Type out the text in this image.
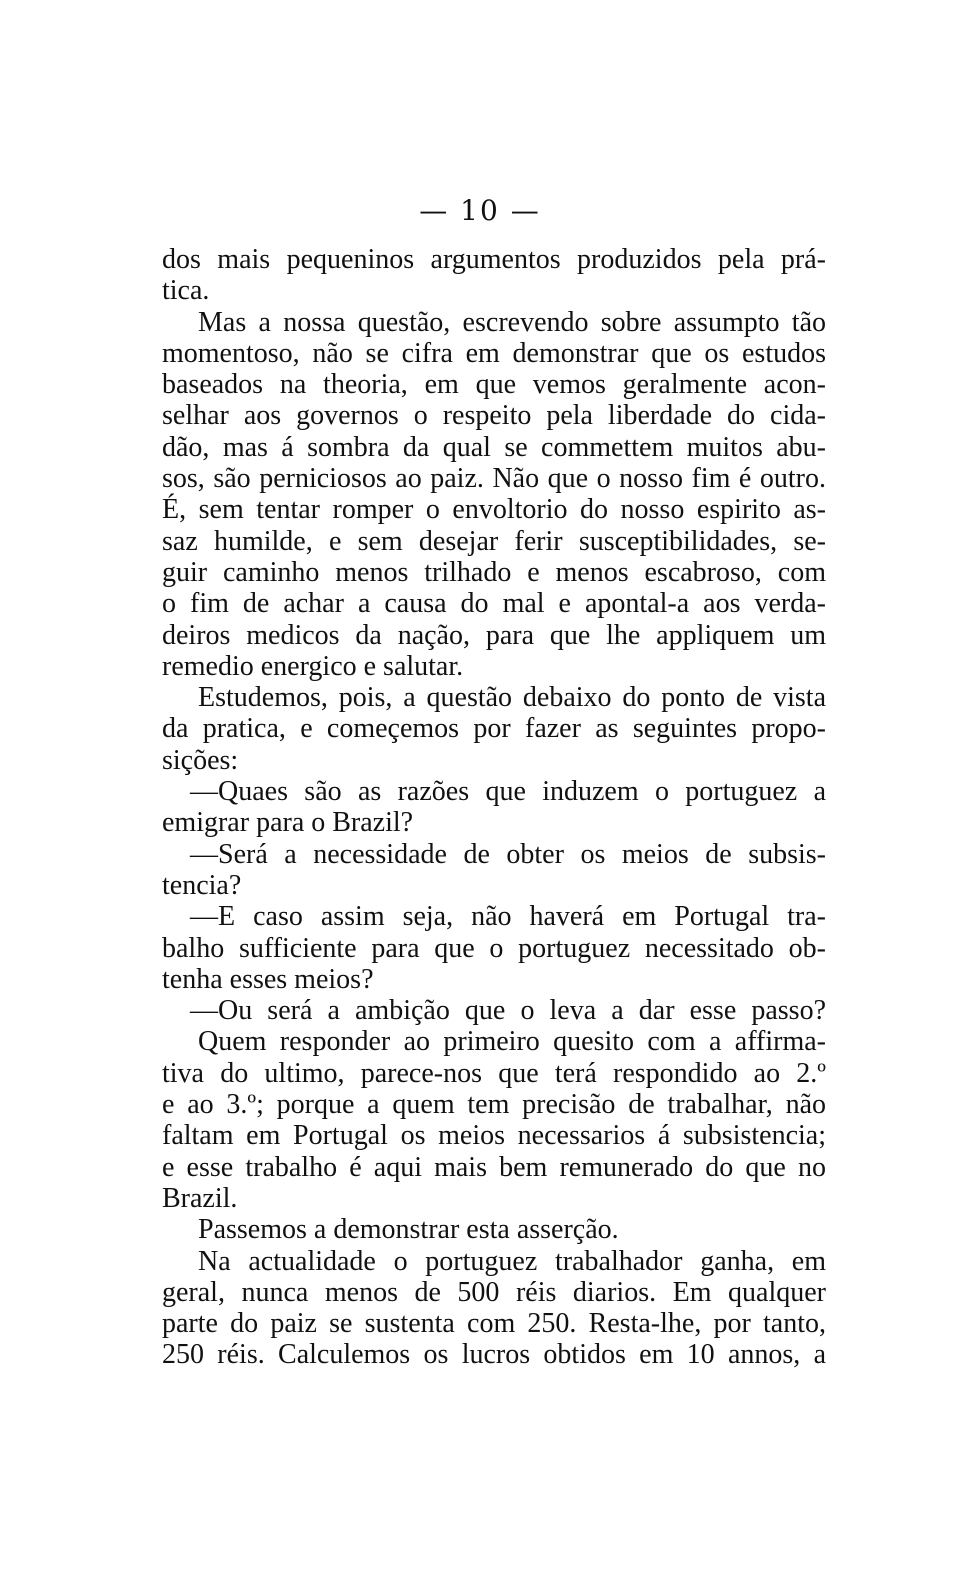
— 10 —
dos mais pequeninos argumentos produzidos pela prá-
tica.
Mas a nossa questão, escrevendo sobre assumpto tão
momentoso, não se cifra em demonstrar que os estudos
baseados na theoria, em que vemos geralmente acon-
selhar aos governos o respeito pela liberdade do cida-
dão, mas á sombra da qual se commettem muitos abu-
sos, são perniciosos ao paiz. Não que o nosso fim é outro.
É, sem tentar romper o envoltorio do nosso espirito as-
saz humilde, e sem desejar ferir susceptibilidades, se-
guir caminho menos trilhado e menos escabroso, com
o fim de achar a causa do mal e apontal-a aos verda-
deiros medicos da nação, para que lhe appliquem um
remedio energico e salutar.
Estudemos, pois, a questão debaixo do ponto de vista
da pratica, e começemos por fazer as seguintes propo-
sições:
—Quaes são as razões que induzem o portuguez a
emigrar para o Brazil?
—Será a necessidade de obter os meios de subsis-
tencia?
—E caso assim seja, não haverá em Portugal tra-
balho sufficiente para que o portuguez necessitado ob-
tenha esses meios?
—Ou será a ambição que o leva a dar esse passo?
Quem responder ao primeiro quesito com a affirma-
tiva do ultimo, parece-nos que terá respondido ao 2.º
e ao 3.º; porque a quem tem precisão de trabalhar, não
faltam em Portugal os meios necessarios á subsistencia;
e esse trabalho é aqui mais bem remunerado do que no
Brazil.
Passemos a demonstrar esta asserção.
Na actualidade o portuguez trabalhador ganha, em
geral, nunca menos de 500 réis diarios. Em qualquer
parte do paiz se sustenta com 250. Resta-lhe, por tanto,
250 réis. Calculemos os lucros obtidos em 10 annos, a
